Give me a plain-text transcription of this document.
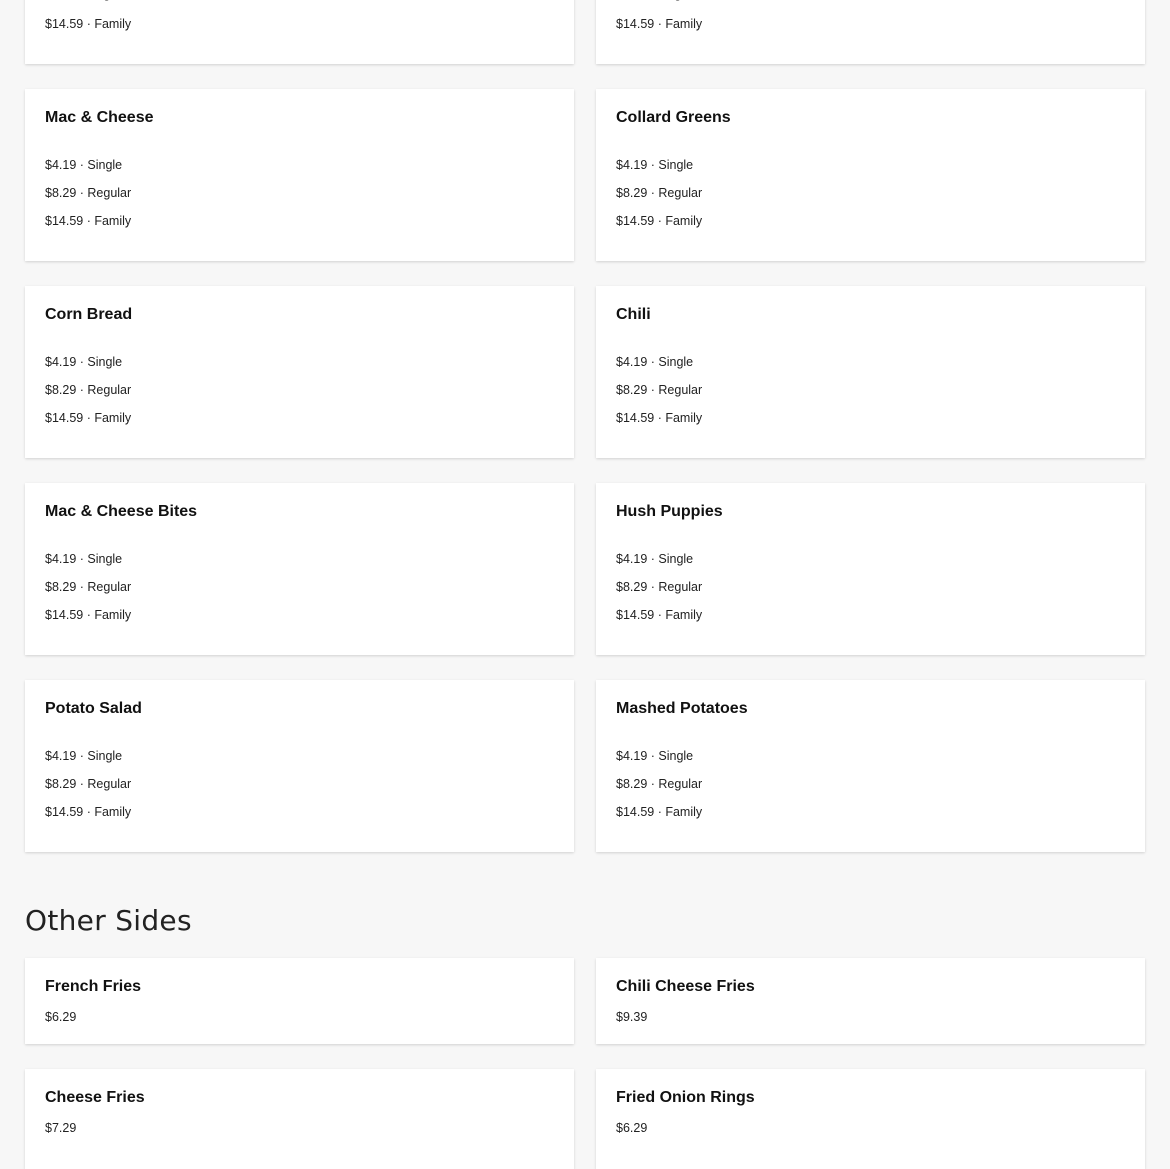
$14.59 · Family	$14.59 · Family
Mac & Cheese
$4.19 · Single
$8.29 · Regular
$14.59 · Family
Collard Greens
$4.19 · Single
$8.29 · Regular
$14.59 · Family
Corn Bread
$4.19 · Single
$8.29 · Regular
$14.59 · Family
Chili
$4.19 · Single
$8.29 · Regular
$14.59 · Family
Mac & Cheese Bites
$4.19 · Single
$8.29 · Regular
$14.59 · Family
Hush Puppies
$4.19 · Single
$8.29 · Regular
$14.59 · Family
Potato Salad
$4.19 · Single
$8.29 · Regular
$14.59 · Family
Mashed Potatoes
$4.19 · Single
$8.29 · Regular
$14.59 · Family
Other Sides
French Fries
$6.29
Chili Cheese Fries
$9.39
Cheese Fries
$7.29
Fried Onion Rings
$6.29
